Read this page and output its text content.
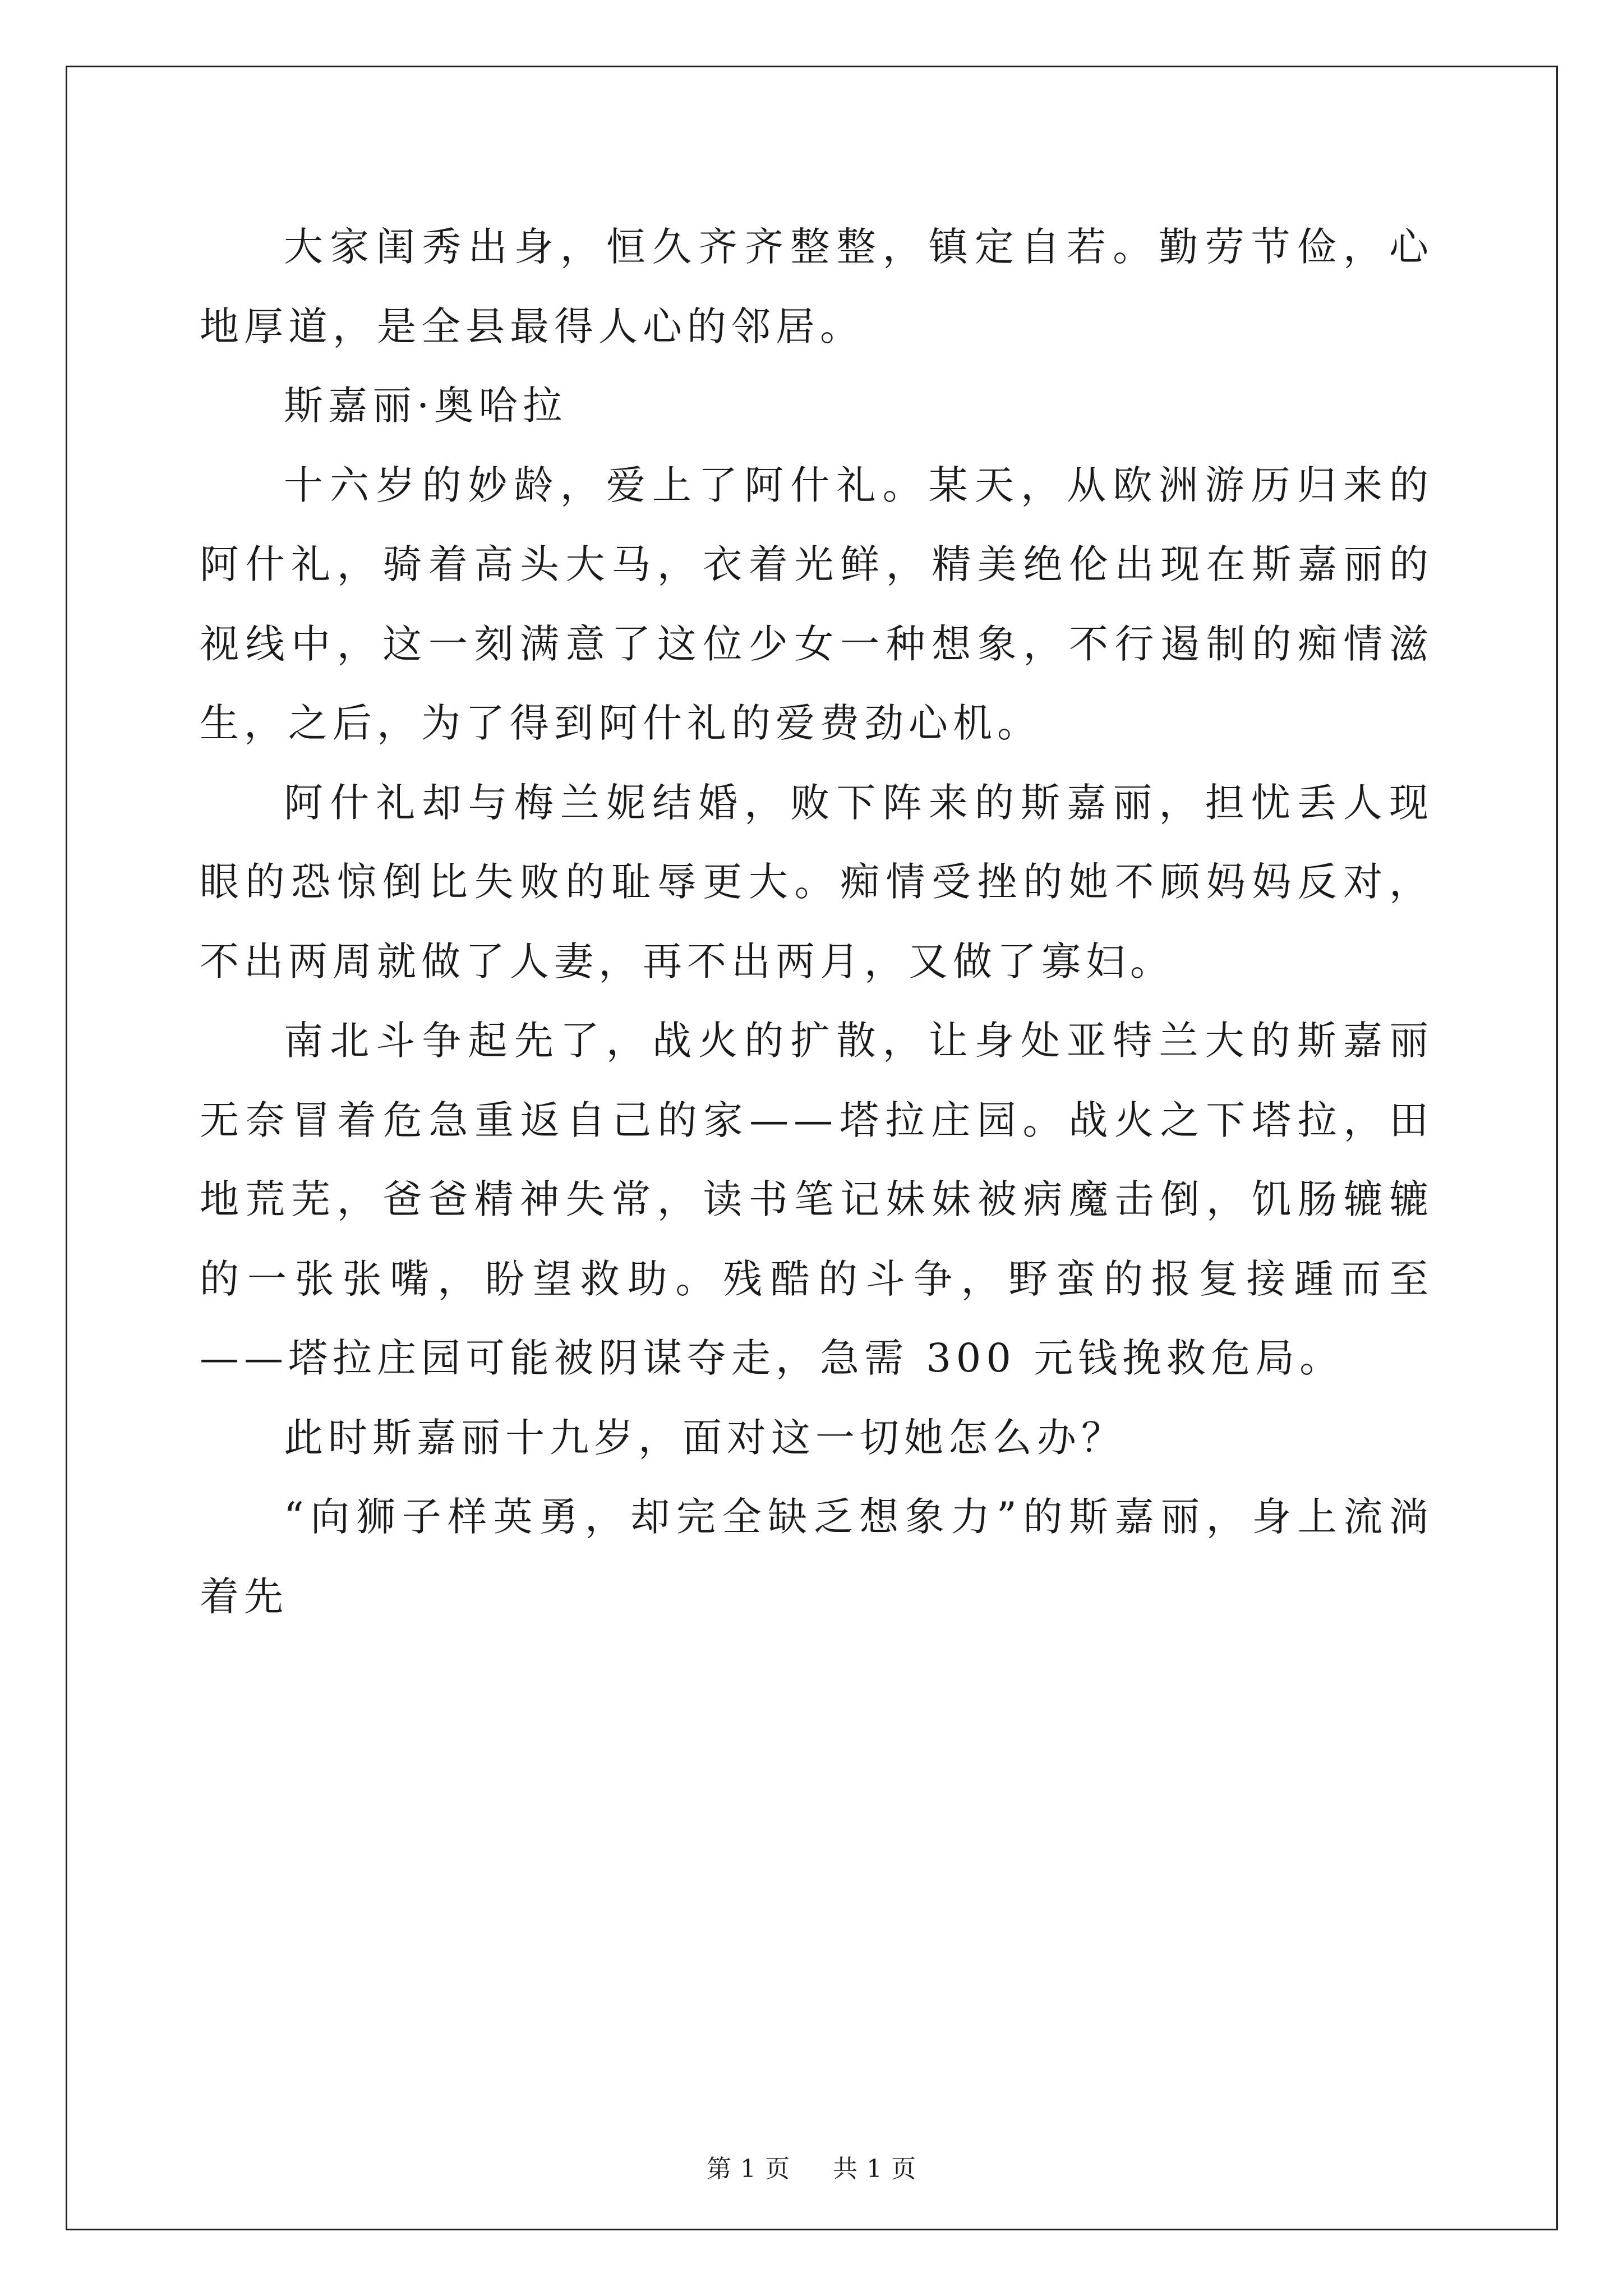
大家闺秀出身，恒久齐齐整整，镇定自若。勤劳节俭，心地厚道，是全县最得人心的邻居。

斯嘉丽·奥哈拉

十六岁的妙龄，爱上了阿什礼。某天，从欧洲游历归来的阿什礼，骑着高头大马，衣着光鲜，精美绝伦出现在斯嘉丽的视线中，这一刻满意了这位少女一种想象，不行遏制的痴情滋生，之后，为了得到阿什礼的爱费劲心机。

阿什礼却与梅兰妮结婚，败下阵来的斯嘉丽，担忧丢人现眼的恐惊倒比失败的耻辱更大。痴情受挫的她不顾妈妈反对，不出两周就做了人妻，再不出两月，又做了寡妇。

南北斗争起先了，战火的扩散，让身处亚特兰大的斯嘉丽无奈冒着危急重返自己的家——塔拉庄园。战火之下塔拉，田地荒芜，爸爸精神失常，读书笔记妹妹被病魔击倒，饥肠辘辘的一张张嘴，盼望救助。残酷的斗争，野蛮的报复接踵而至——塔拉庄园可能被阴谋夺走，急需 300 元钱挽救危局。

此时斯嘉丽十九岁，面对这一切她怎么办？

“向狮子样英勇，却完全缺乏想象力”的斯嘉丽，身上流淌着先

第 1 页 共 1 页
